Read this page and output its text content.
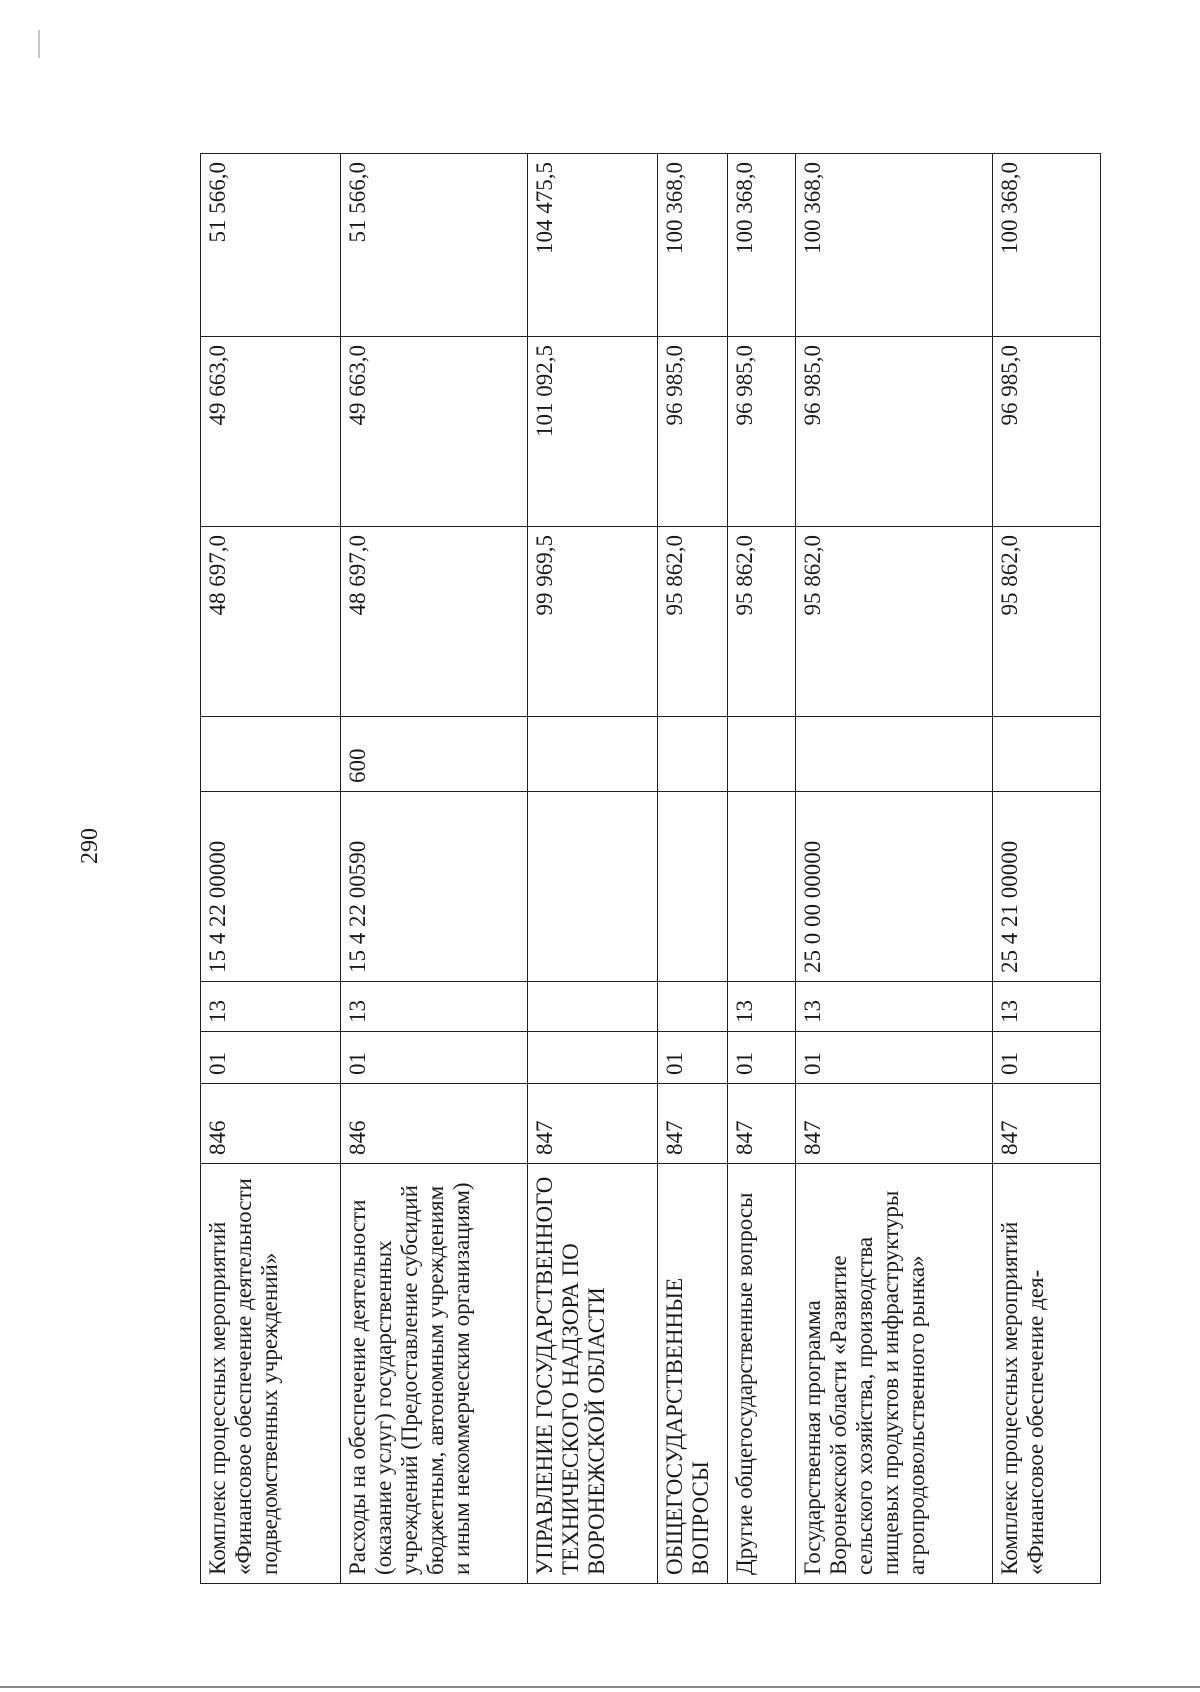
290
Комплекс процессных мероприятий «Финансовое обеспечение деятельности подведомственных учреждений»	846	01	13	15 4 22 00000		48 697,0	49 663,0	51 566,0
Расходы на обеспечение деятельности (оказание услуг) государственных учреждений (Предоставление субсидий бюджетным, автономным учреждениям и иным некоммерческим организациям)	846	01	13	15 4 22 00590	600	48 697,0	49 663,0	51 566,0
УПРАВЛЕНИЕ ГОСУДАРСТВЕННОГО ТЕХНИЧЕСКОГО НАДЗОРА ПО ВОРОНЕЖСКОЙ ОБЛАСТИ	847					99 969,5	101 092,5	104 475,5
ОБЩЕГОСУДАРСТВЕННЫЕ ВОПРОСЫ	847	01				95 862,0	96 985,0	100 368,0
Другие общегосударственные вопросы	847	01	13			95 862,0	96 985,0	100 368,0
Государственная программа Воронежской области «Развитие сельского хозяйства, производства пищевых продуктов и инфраструктуры агропродовольственного рынка»	847	01	13	25 0 00 00000		95 862,0	96 985,0	100 368,0
Комплекс процессных мероприятий «Финансовое обеспечение дея-	847	01	13	25 4 21 00000		95 862,0	96 985,0	100 368,0
